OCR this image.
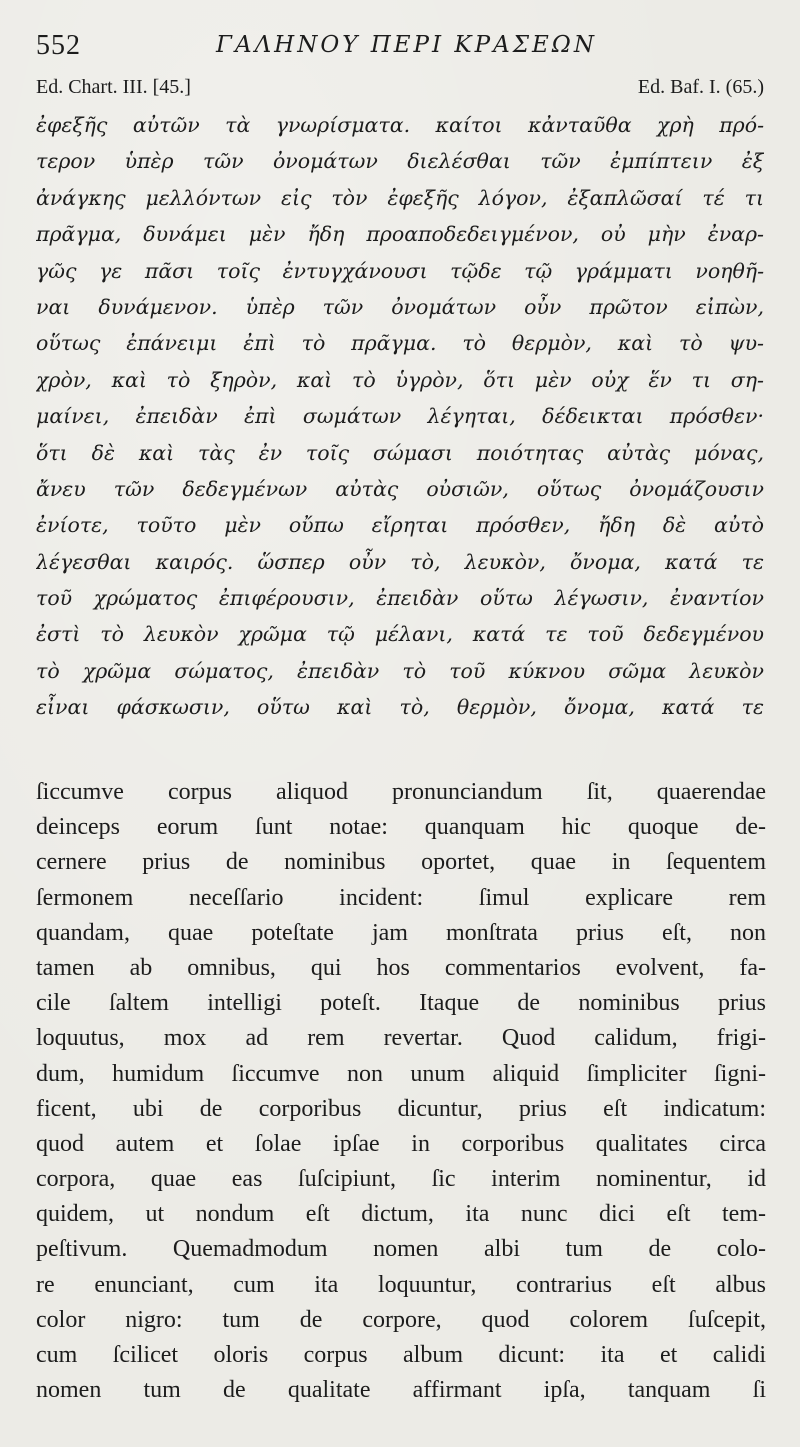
552	ΓΑΛΗΝΟΥ ΠΕΡΙ ΚΡΑΣΕΩΝ
Ed. Chart. III. [45.]	Ed. Baf. I. (65.)
ἐφεξῆς αὐτῶν τὰ γνωρίσματα. καίτοι κἀνταῦθα χρὴ πρό-
τερον ὑπὲρ τῶν ὀνομάτων διελέσθαι τῶν ἐμπίπτειν ἐξ
ἀνάγκης μελλόντων εἰς τὸν ἐφεξῆς λόγον, ἐξαπλῶσαί τέ τι
πρᾶγμα, δυνάμει μὲν ἤδη προαποδεδειγμένον, οὐ μὴν ἐναρ-
γῶς γε πᾶσι τοῖς ἐντυγχάνουσι τῷδε τῷ γράμματι νοηθῆ-
ναι δυνάμενον. ὑπὲρ τῶν ὀνομάτων οὖν πρῶτον εἰπὼν,
οὕτως ἐπάνειμι ἐπὶ τὸ πρᾶγμα. τὸ θερμὸν, καὶ τὸ ψυ-
χρὸν, καὶ τὸ ξηρὸν, καὶ τὸ ὑγρὸν, ὅτι μὲν οὐχ ἕν τι ση-
μαίνει, ἐπειδὰν ἐπὶ σωμάτων λέγηται, δέδεικται πρόσθεν·
ὅτι δὲ καὶ τὰς ἐν τοῖς σώμασι ποιότητας αὐτὰς μόνας,
ἄνευ τῶν δεδεγμένων αὐτὰς οὐσιῶν, οὕτως ὀνομάζουσιν
ἐνίοτε, τοῦτο μὲν οὔπω εἴρηται πρόσθεν, ἤδη δὲ αὐτὸ
λέγεσθαι καιρός. ὥσπερ οὖν τὸ, λευκὸν, ὄνομα, κατά τε
τοῦ χρώματος ἐπιφέρουσιν, ἐπειδὰν οὕτω λέγωσιν, ἐναντίον
ἐστὶ τὸ λευκὸν χρῶμα τῷ μέλανι, κατά τε τοῦ δεδεγμένου
τὸ χρῶμα σώματος, ἐπειδὰν τὸ τοῦ κύκνου σῶμα λευκὸν
εἶναι φάσκωσιν, οὕτω καὶ τὸ, θερμὸν, ὄνομα, κατά τε
ſiccumve corpus aliquod pronunciandum ſit, quaerendae
deinceps eorum ſunt notae: quanquam hic quoque de-
cernere prius de nominibus oportet, quae in ſequentem
ſermonem neceſſario incident: ſimul explicare rem
quandam, quae poteſtate jam monſtrata prius eſt, non
tamen ab omnibus, qui hos commentarios evolvent, fa-
cile ſaltem intelligi poteſt. Itaque de nominibus prius
loquutus, mox ad rem revertar. Quod calidum, frigi-
dum, humidum ſiccumve non unum aliquid ſimpliciter ſigni-
ficent, ubi de corporibus dicuntur, prius eſt indicatum:
quod autem et ſolae ipſae in corporibus qualitates circa
corpora, quae eas ſuſcipiunt, ſic interim nominentur, id
quidem, ut nondum eſt dictum, ita nunc dici eſt tem-
peſtivum. Quemadmodum nomen albi tum de colo-
re enunciant, cum ita loquuntur, contrarius eſt albus
color nigro: tum de corpore, quod colorem ſuſcepit,
cum ſcilicet oloris corpus album dicunt: ita et calidi
nomen tum de qualitate affirmant ipſa, tanquam ſi
